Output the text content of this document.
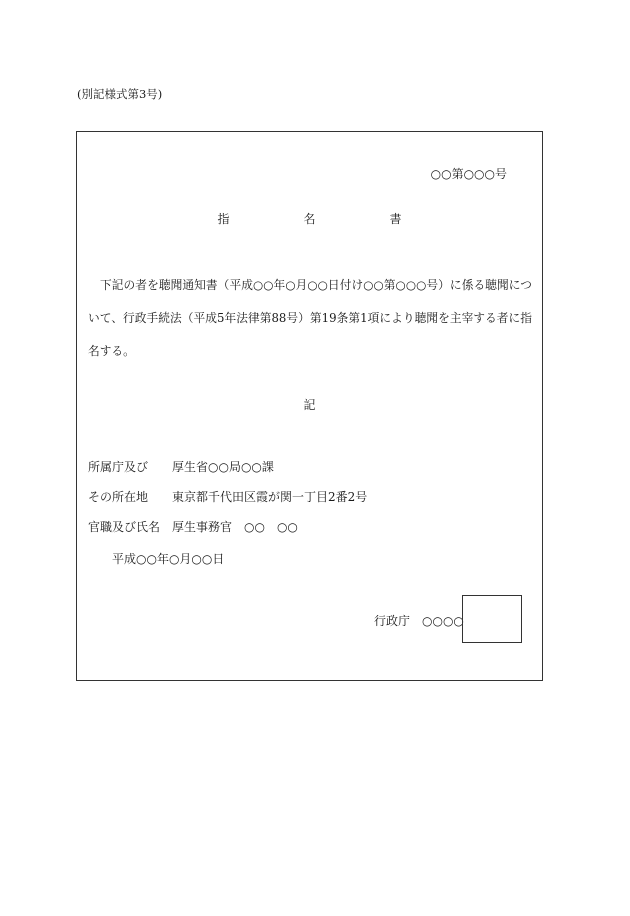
(別記様式第3号)
○○第○○○号
指	名	書
下記の者を聴聞通知書（平成○○年○月○○日付け○○第○○○号）に係る聴聞について、行政手続法（平成5年法律第88号）第19条第1項により聴聞を主宰する者に指名する。
記
所属庁及び	厚生省○○局○○課
その所在地	東京都千代田区霞が関一丁目2番2号
官職及び氏名 厚生事務官　○○　○○
平成○○年○月○○日
行政庁　○○○○
